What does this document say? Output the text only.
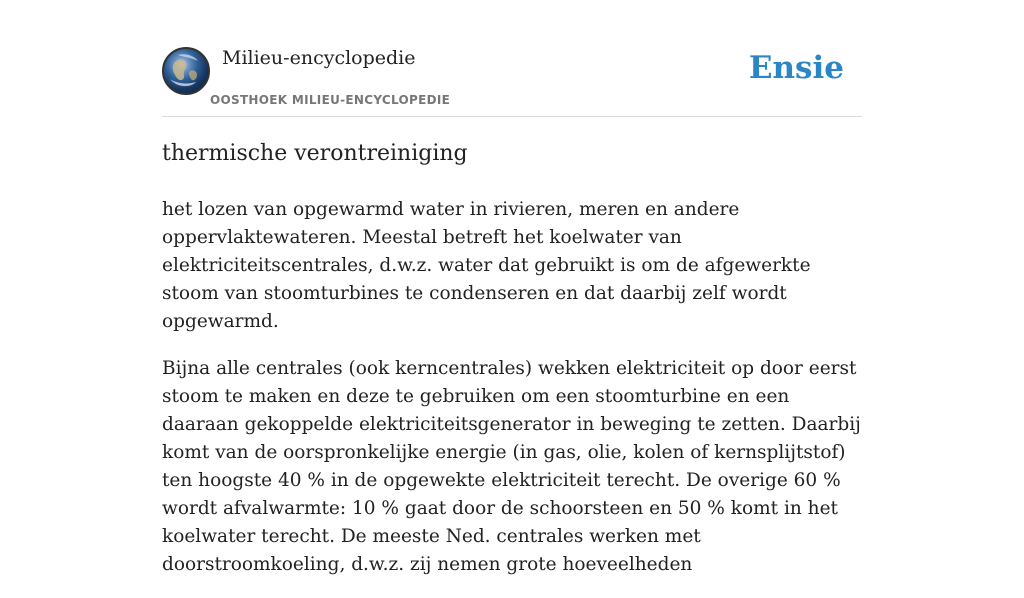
Milieu-encyclopedie
OOSTHOEK MILIEU-ENCYCLOPEDIE
Ensie
thermische verontreiniging

het lozen van opgewarmd water in rivieren, meren en andere oppervlaktewateren. Meestal betreft het koelwater van elektriciteitscentrales, d.w.z. water dat gebruikt is om de afgewerkte stoom van stoomturbines te condenseren en dat daarbij zelf wordt opgewarmd.

Bijna alle centrales (ook kerncentrales) wekken elektriciteit op door eerst stoom te maken en deze te gebruiken om een stoomturbine en een daaraan gekoppelde elektriciteitsgenerator in beweging te zetten. Daarbij komt van de oorspronkelijke energie (in gas, olie, kolen of kernsplijtstof) ten hoogste 40 % in de opgewekte elektriciteit terecht. De overige 60 % wordt afvalwarmte: 10 % gaat door de schoorsteen en 50 % komt in het koelwater terecht. De meeste Ned. centrales werken met doorstroomkoeling, d.w.z. zij nemen grote hoeveelheden
